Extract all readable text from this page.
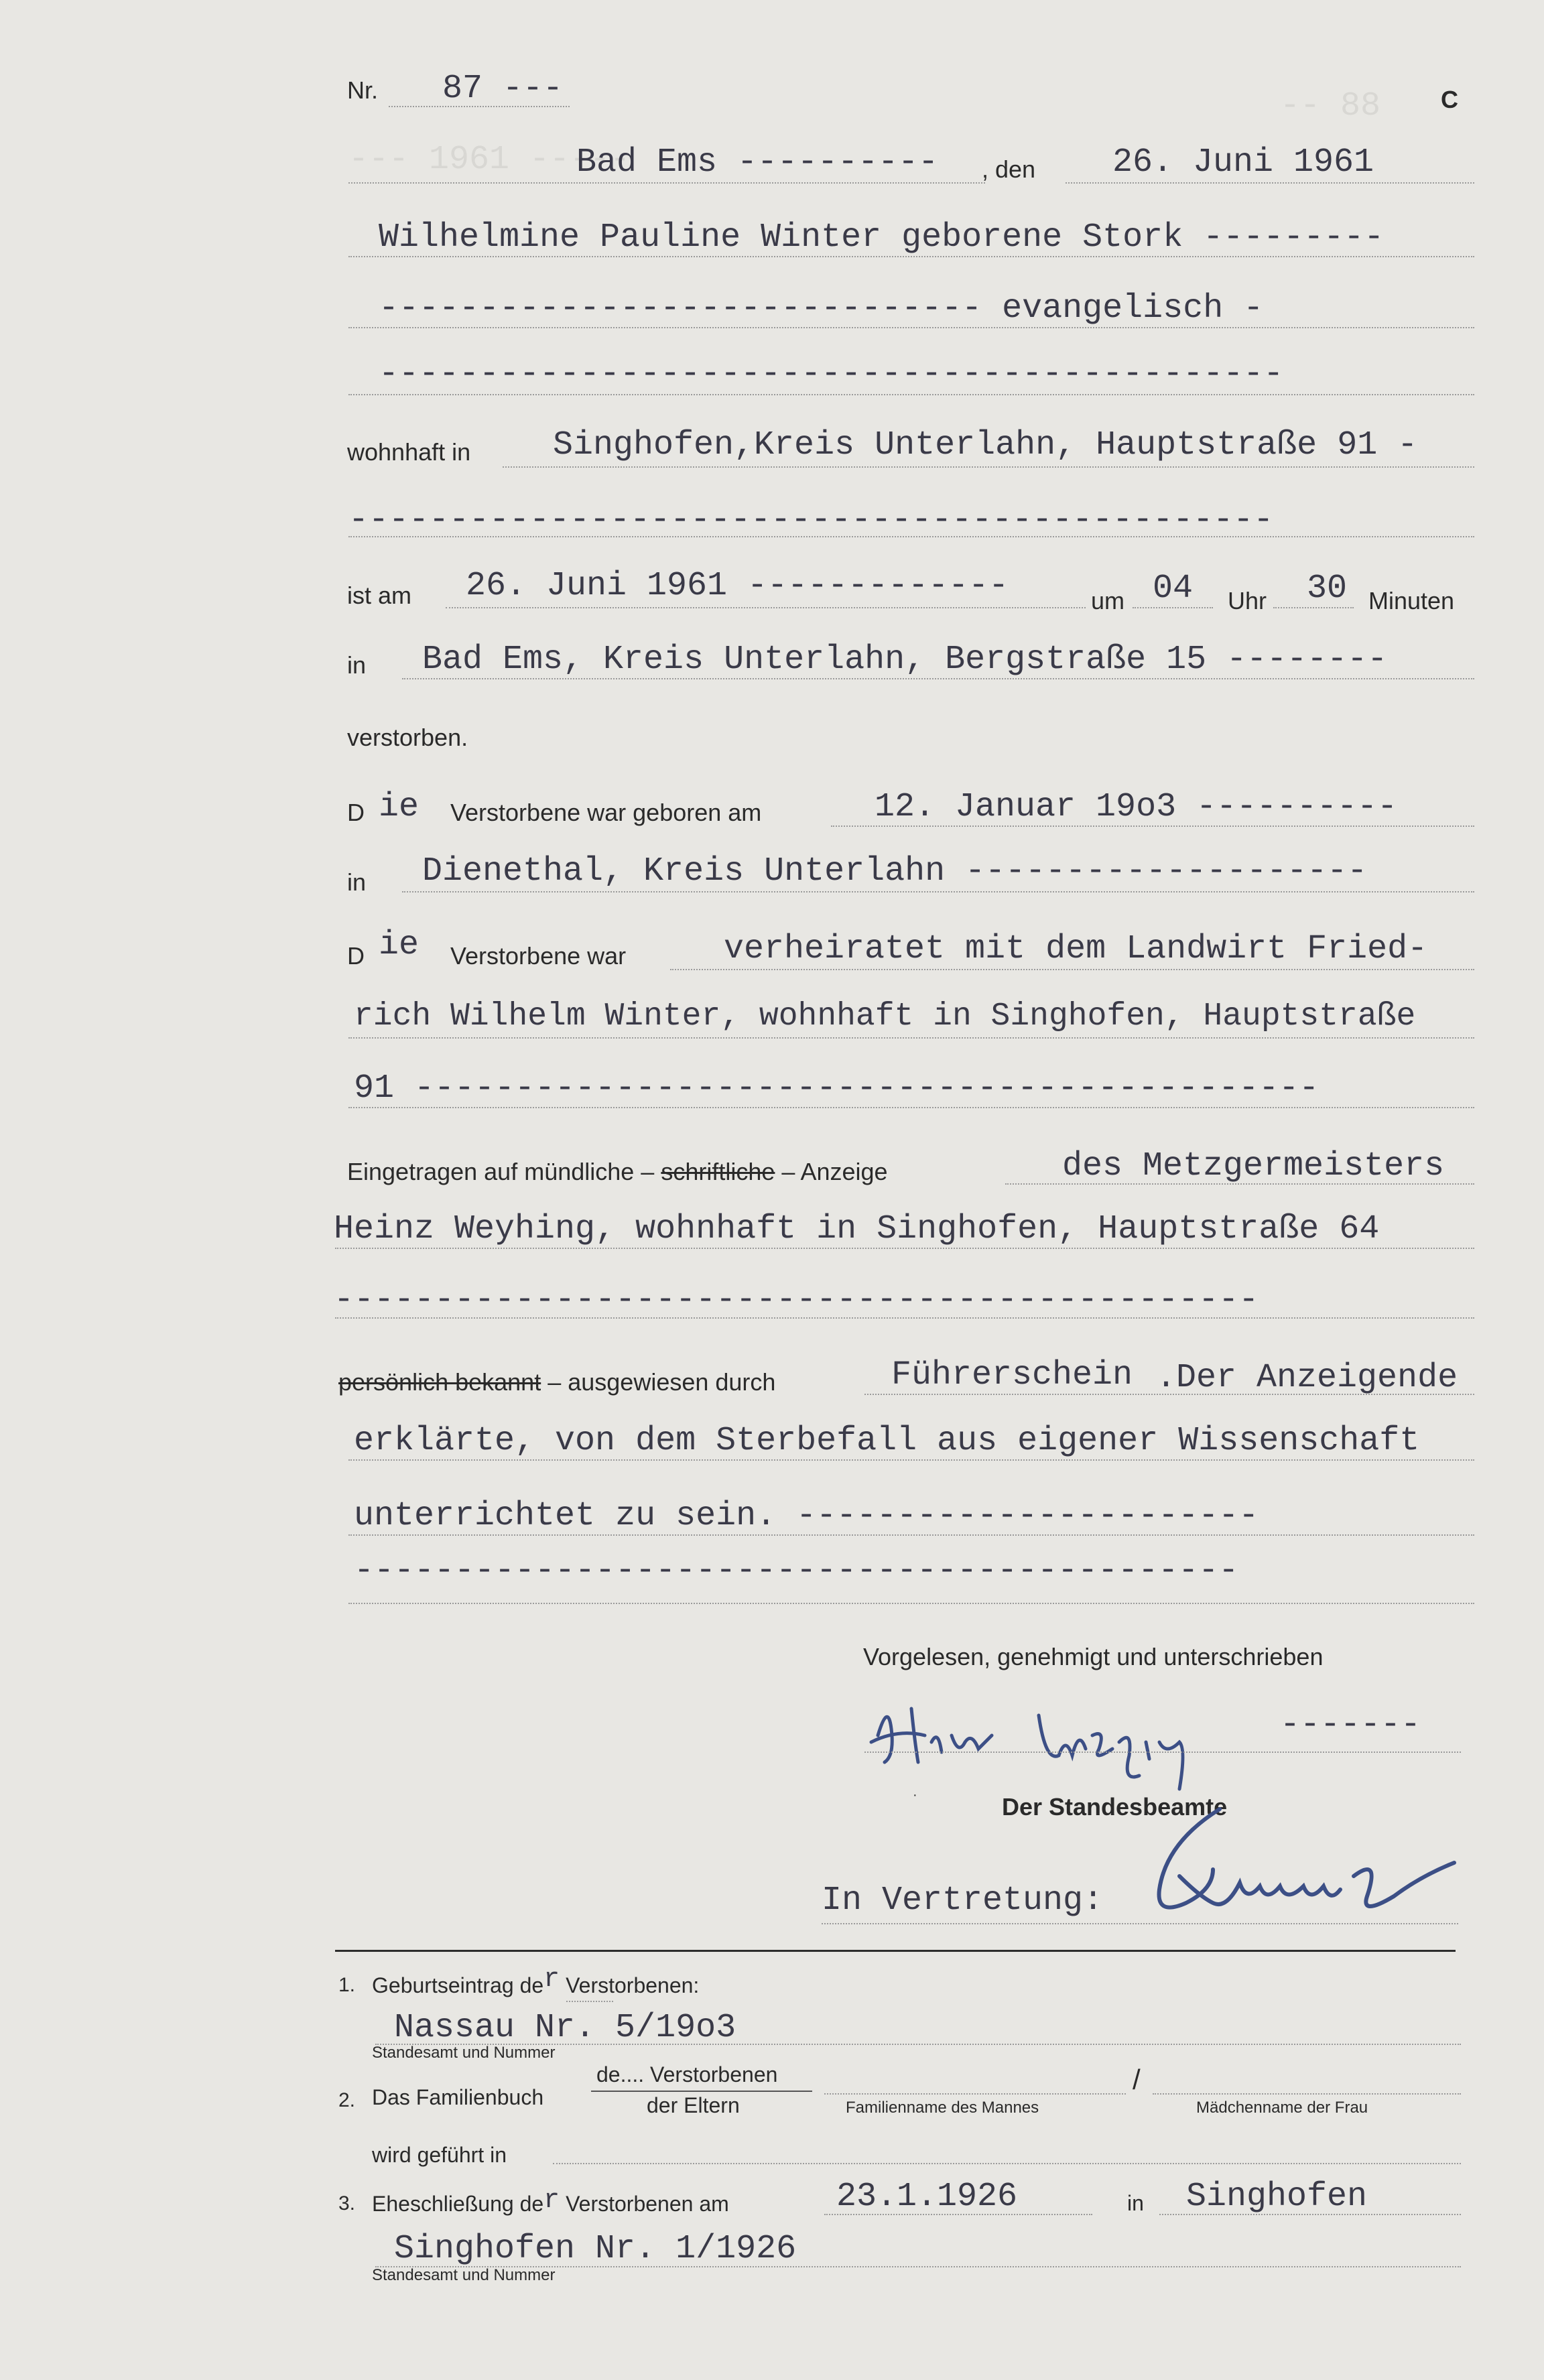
-- 88
--- 1961 -----
Nr. 87 ---	C
Bad Ems ---------- , den 26. Juni 1961
Wilhelmine Pauline Winter geborene Stork ---------
------------------------------ evangelisch -
---------------------------------------------
wohnhaft in Singhofen,Kreis Unterlahn, Hauptstraße 91 -
----------------------------------------------
ist am 26. Juni 1961 -------------	um 04 Uhr 30 Minuten
in Bad Ems, Kreis Unterlahn, Bergstraße 15 --------
verstorben.
D ie Verstorbene war geboren am	12. Januar 19o3 ----------
in Dienethal, Kreis Unterlahn --------------------
D ie Verstorbene war	verheiratet mit dem Landwirt Fried-
rich Wilhelm Winter, wohnhaft in Singhofen, Hauptstraße
91 ---------------------------------------------
Eingetragen auf mündliche – schriftliche – Anzeige	des Metzgermeisters
Heinz Weyhing, wohnhaft in Singhofen, Hauptstraße 64
----------------------------------------------
persönlich bekannt – ausgewiesen durch	Führerschein .Der Anzeigende
erklärte, von dem Sterbefall aus eigener Wissenschaft
unterrichtet zu sein. -----------------------
--------------------------------------------
Vorgelesen, genehmigt und unterschrieben
-------
·	Der Standesbeamte
In Vertretung:
1. Geburtseintrag der Verstorbenen:
Nassau Nr. 5/19o3
Standesamt und Nummer
2. Das Familienbuch
de.... Verstorbenen
der Eltern	Familienname des Mannes
/
Mädchenname der Frau
wird geführt in
3. Eheschließung der Verstorbenen am	23.1.1926	in Singhofen
Singhofen Nr. 1/1926
Standesamt und Nummer
